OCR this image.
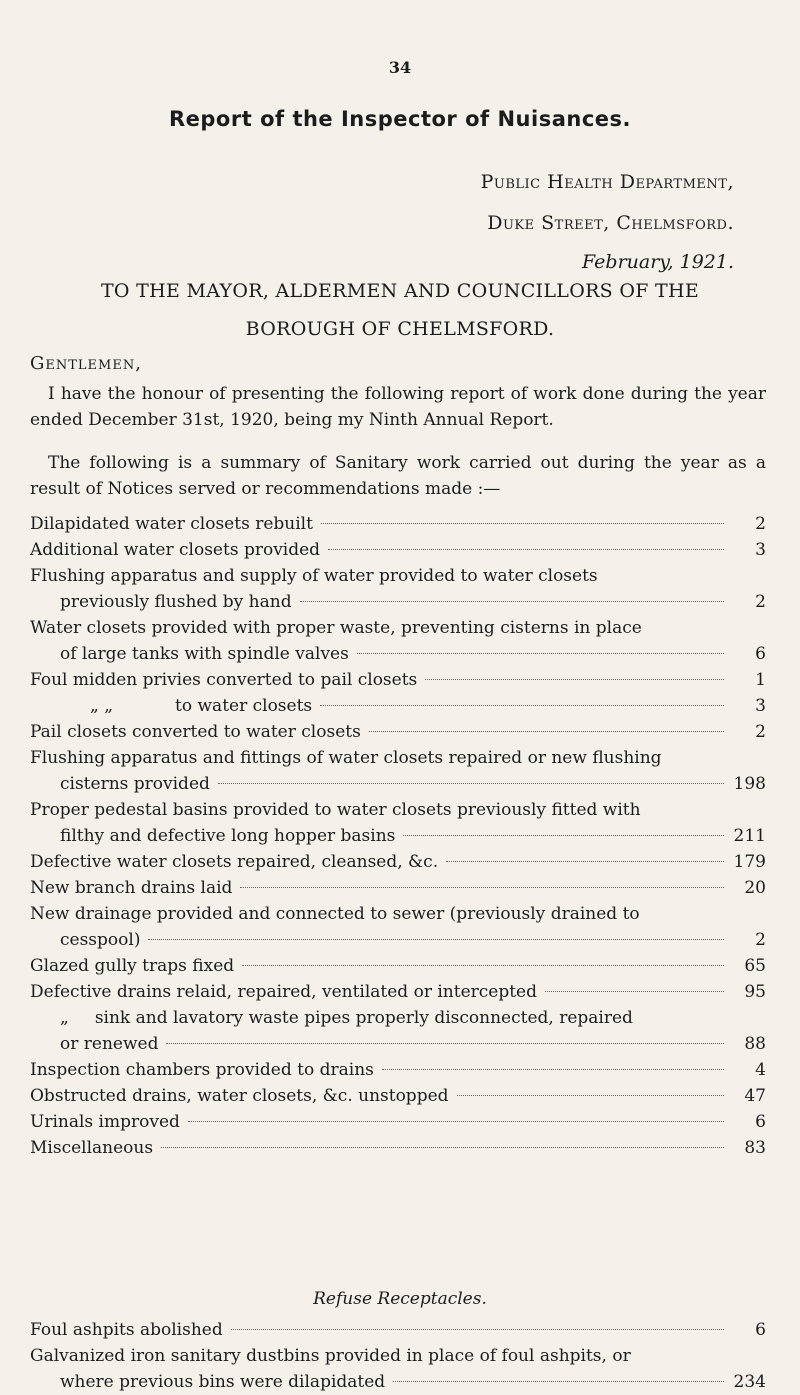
34
Report of the Inspector of Nuisances.
Public Health Department,
Duke Street, Chelmsford.
February, 1921.
TO THE MAYOR, ALDERMEN AND COUNCILLORS OF THE
BOROUGH OF CHELMSFORD.
Gentlemen,
I have the honour of presenting the following report of work done during the year ended December 31st, 1920, being my Ninth Annual Report.
The following is a summary of Sanitary work carried out during the year as a result of Notices served or recommendations made :—
Dilapidated water closets rebuilt	2
Additional water closets provided	3
Flushing apparatus and supply of water provided to water closets
previously flushed by hand	2
Water closets provided with proper waste, preventing cisterns in place
of large tanks with spindle valves	6
Foul midden privies converted to pail closets	1
„ „	to water closets	3
Pail closets converted to water closets	2
Flushing apparatus and fittings of water closets repaired or new flushing
cisterns provided	198
Proper pedestal basins provided to water closets previously fitted with
filthy and defective long hopper basins	211
Defective water closets repaired, cleansed, &c.	179
New branch drains laid	20
New drainage provided and connected to sewer (previously drained to
cesspool)	2
Glazed gully traps fixed	65
Defective drains relaid, repaired, ventilated or intercepted	95
„	sink and lavatory waste pipes properly disconnected, repaired
or renewed	88
Inspection chambers provided to drains	4
Obstructed drains, water closets, &c. unstopped	47
Urinals improved	6
Miscellaneous	83
Refuse Receptacles.
Foul ashpits abolished	6
Galvanized iron sanitary dustbins provided in place of foul ashpits, or
where previous bins were dilapidated	234
